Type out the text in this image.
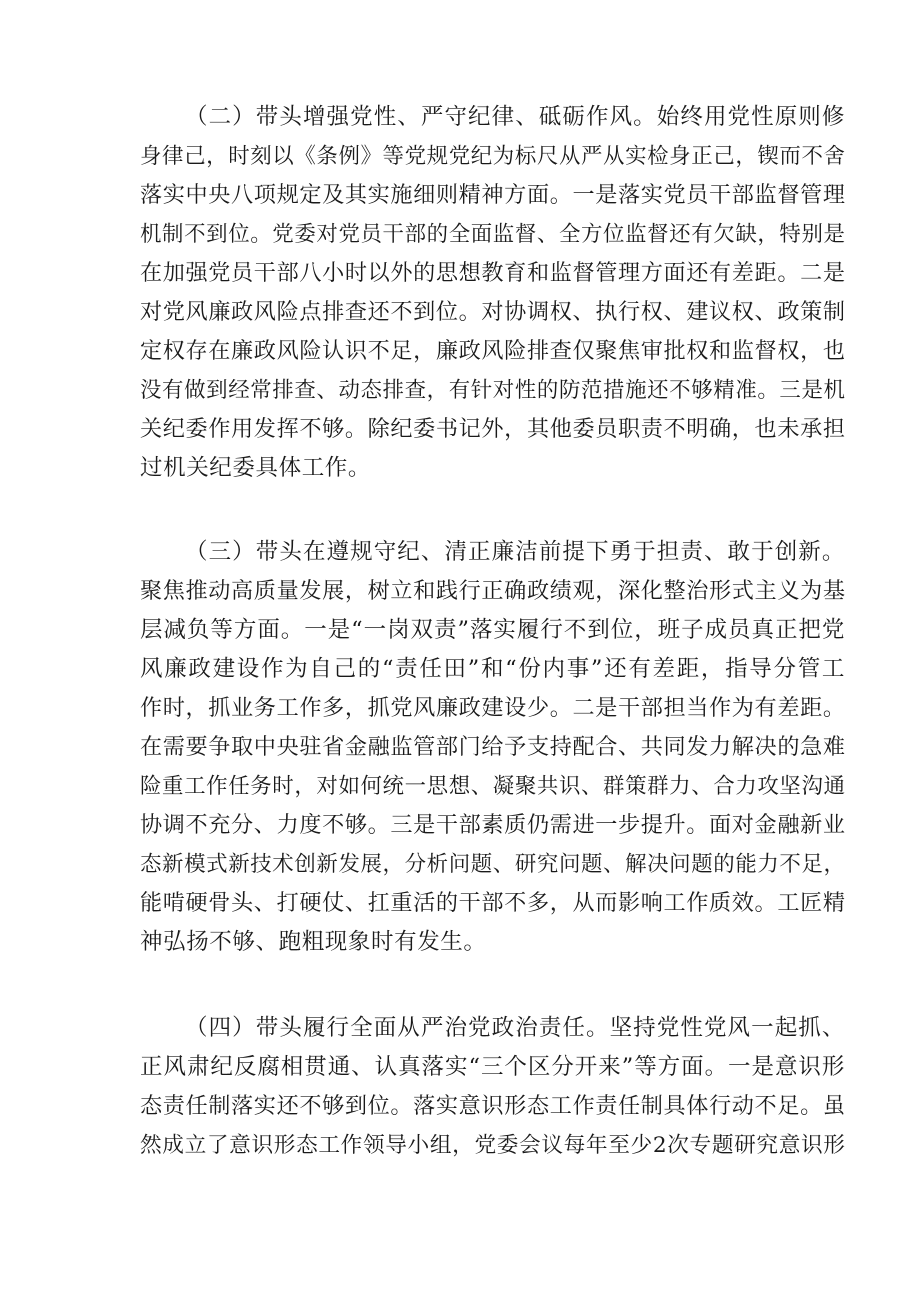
（二）带头增强党性、严守纪律、砥砺作风。始终用党性原则修
身律己，时刻以《条例》等党规党纪为标尺从严从实检身正己，锲而不舍
落实中央八项规定及其实施细则精神方面。一是落实党员干部监督管理
机制不到位。党委对党员干部的全面监督、全方位监督还有欠缺，特别是
在加强党员干部八小时以外的思想教育和监督管理方面还有差距。二是
对党风廉政风险点排查还不到位。对协调权、执行权、建议权、政策制
定权存在廉政风险认识不足，廉政风险排查仅聚焦审批权和监督权，也
没有做到经常排查、动态排查，有针对性的防范措施还不够精准。三是机
关纪委作用发挥不够。除纪委书记外，其他委员职责不明确，也未承担
过机关纪委具体工作。
（三）带头在遵规守纪、清正廉洁前提下勇于担责、敢于创新。
聚焦推动高质量发展，树立和践行正确政绩观，深化整治形式主义为基
层减负等方面。一是“一岗双责”落实履行不到位，班子成员真正把党
风廉政建设作为自己的“责任田”和“份内事”还有差距，指导分管工
作时，抓业务工作多，抓党风廉政建设少。二是干部担当作为有差距。
在需要争取中央驻省金融监管部门给予支持配合、共同发力解决的急难
险重工作任务时，对如何统一思想、凝聚共识、群策群力、合力攻坚沟通
协调不充分、力度不够。三是干部素质仍需进一步提升。面对金融新业
态新模式新技术创新发展，分析问题、研究问题、解决问题的能力不足，
能啃硬骨头、打硬仗、扛重活的干部不多，从而影响工作质效。工匠精
神弘扬不够、跑粗现象时有发生。
（四）带头履行全面从严治党政治责任。坚持党性党风一起抓、
正风肃纪反腐相贯通、认真落实“三个区分开来”等方面。一是意识形
态责任制落实还不够到位。落实意识形态工作责任制具体行动不足。虽
然成立了意识形态工作领导小组，党委会议每年至少2次专题研究意识形
